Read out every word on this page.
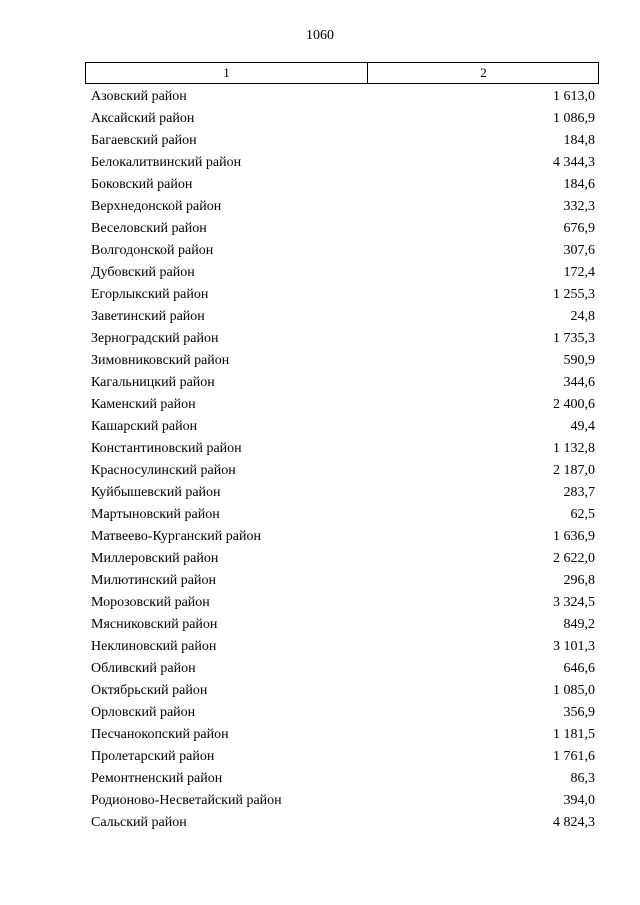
1060
1	2
Азовский район	1 613,0
Аксайский район	1 086,9
Багаевский район	184,8
Белокалитвинский район	4 344,3
Боковский район	184,6
Верхнедонской район	332,3
Веселовский район	676,9
Волгодонской район	307,6
Дубовский район	172,4
Егорлыкский район	1 255,3
Заветинский район	24,8
Зерноградский район	1 735,3
Зимовниковский район	590,9
Кагальницкий район	344,6
Каменский район	2 400,6
Кашарский район	49,4
Константиновский район	1 132,8
Красносулинский район	2 187,0
Куйбышевский район	283,7
Мартыновский район	62,5
Матвеево-Курганский район	1 636,9
Миллеровский район	2 622,0
Милютинский район	296,8
Морозовский район	3 324,5
Мясниковский район	849,2
Неклиновский район	3 101,3
Обливский район	646,6
Октябрьский район	1 085,0
Орловский район	356,9
Песчанокопский район	1 181,5
Пролетарский район	1 761,6
Ремонтненский район	86,3
Родионово-Несветайский район	394,0
Сальский район	4 824,3
